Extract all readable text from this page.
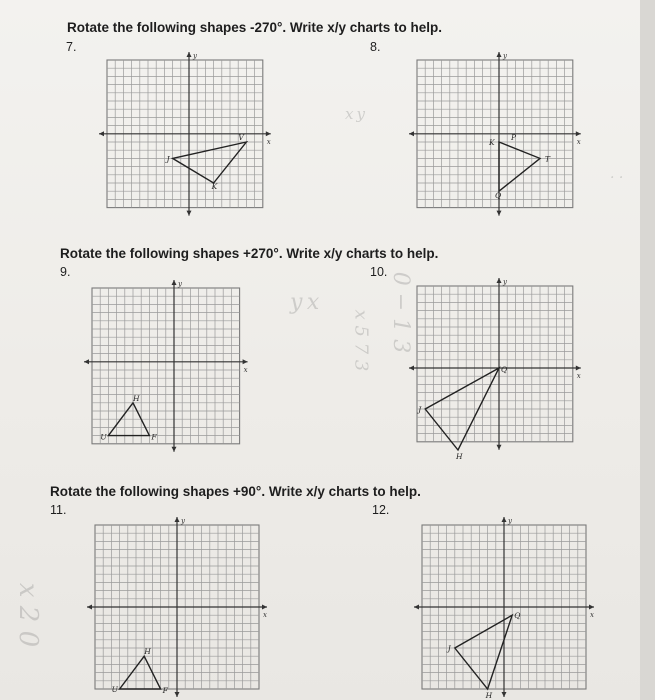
x y
y x
x 5 7 3 0 − 1 3
x 2 0
· ·
Rotate the following shapes -270°. Write x/y charts to help.
7.	8.
Rotate the following shapes +270°. Write x/y charts to help.
9.	10.
Rotate the following shapes +90°. Write x/y charts to help.
11.	12.
x
y
V
J
K
x
y
K
P
T
Q
x
y
H
U	F
x
y
Q
J
H
x
y
H
U	F
x
y
Q
J
H
